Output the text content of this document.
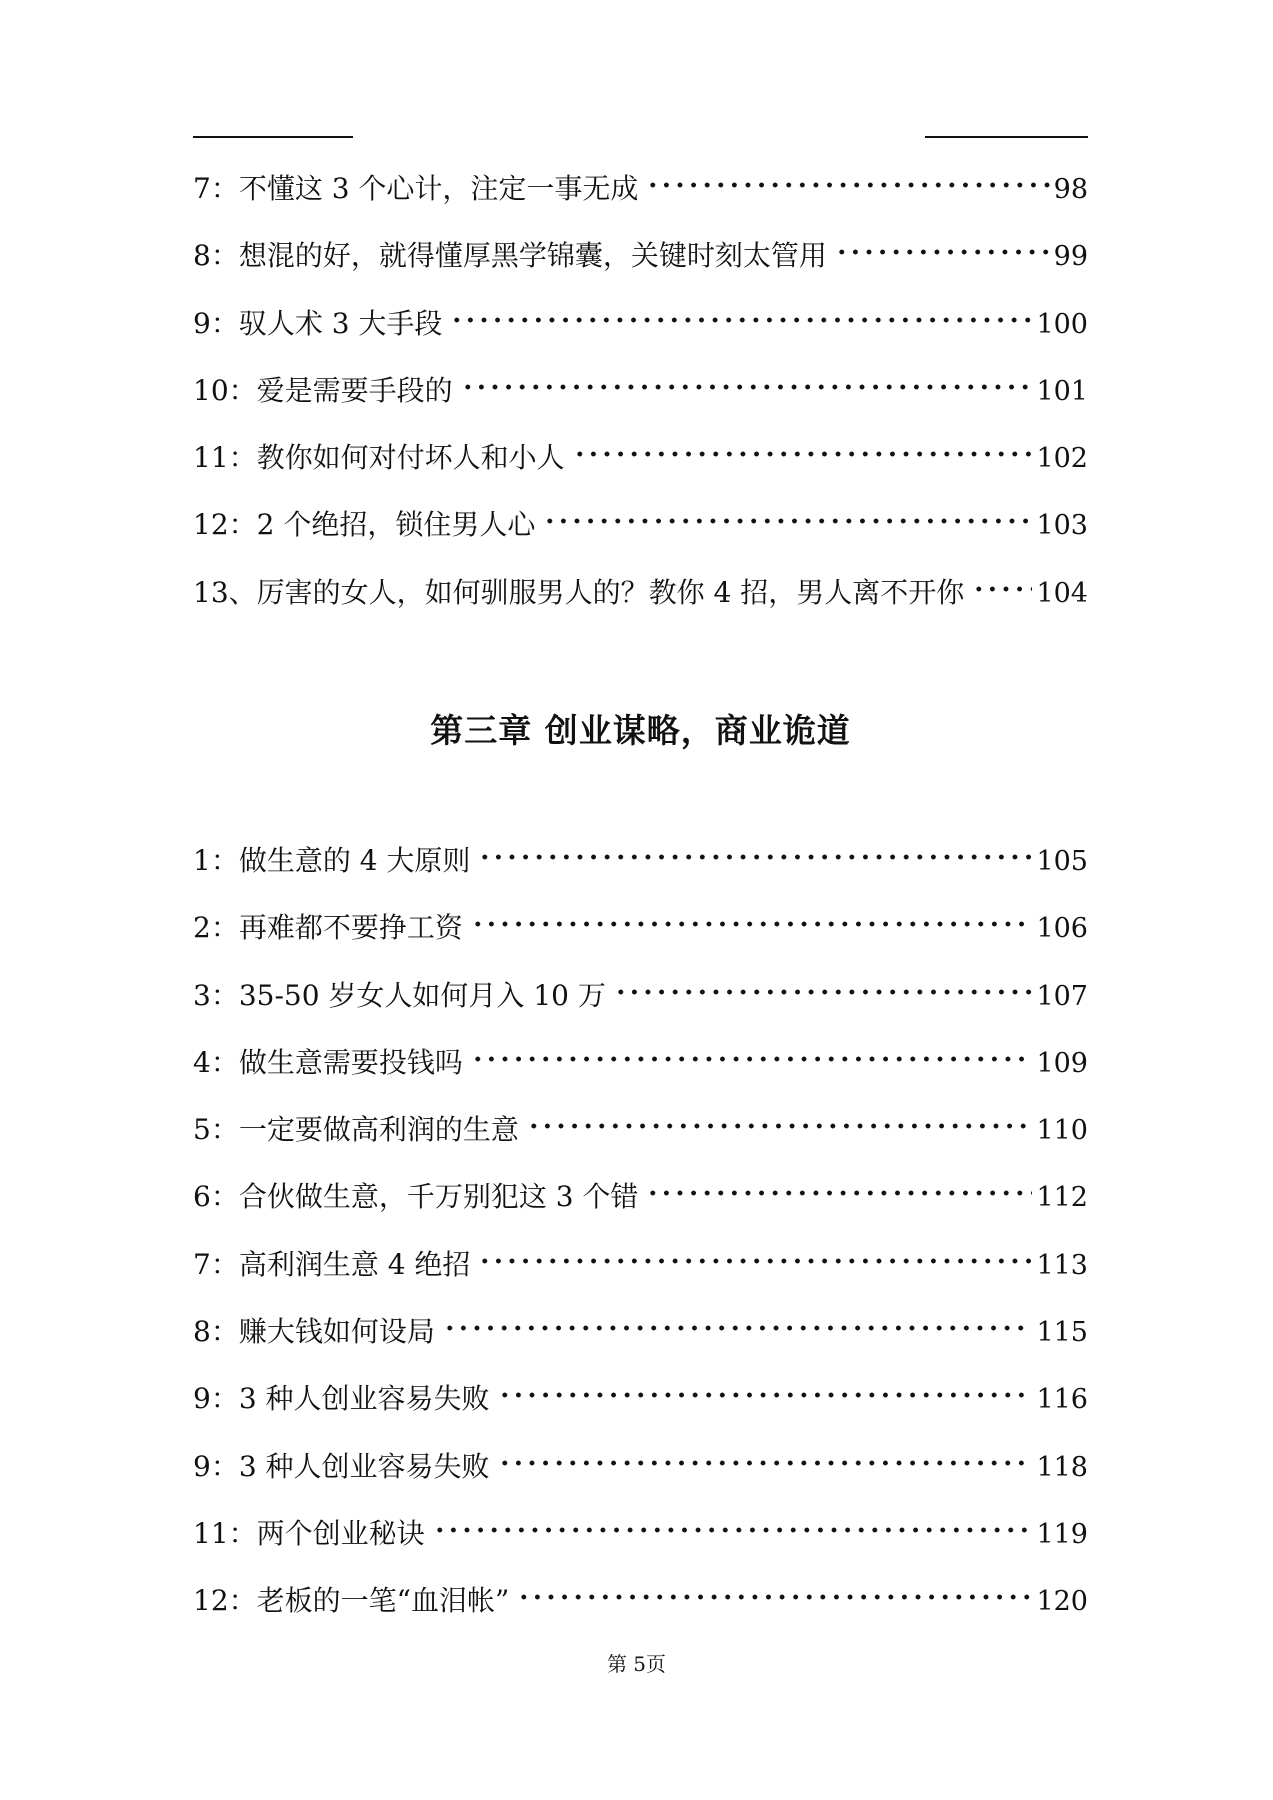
7：不懂这 3 个心计，注定一事无成	98
8：想混的好，就得懂厚黑学锦囊，关键时刻太管用	99
9：驭人术 3 大手段	100
10：爱是需要手段的	101
11：教你如何对付坏人和小人	102
12：2 个绝招，锁住男人心	103
13、厉害的女人，如何驯服男人的？教你 4 招，男人离不开你	104
第三章 创业谋略，商业诡道
1：做生意的 4 大原则	105
2：再难都不要挣工资	106
3：35-50 岁女人如何月入 10 万	107
4：做生意需要投钱吗	109
5：一定要做高利润的生意	110
6：合伙做生意，千万别犯这 3 个错	112
7：高利润生意 4 绝招	113
8：赚大钱如何设局	115
9：3 种人创业容易失败	116
9：3 种人创业容易失败	118
11：两个创业秘诀	119
12：老板的一笔“血泪帐”	120
第 5页
